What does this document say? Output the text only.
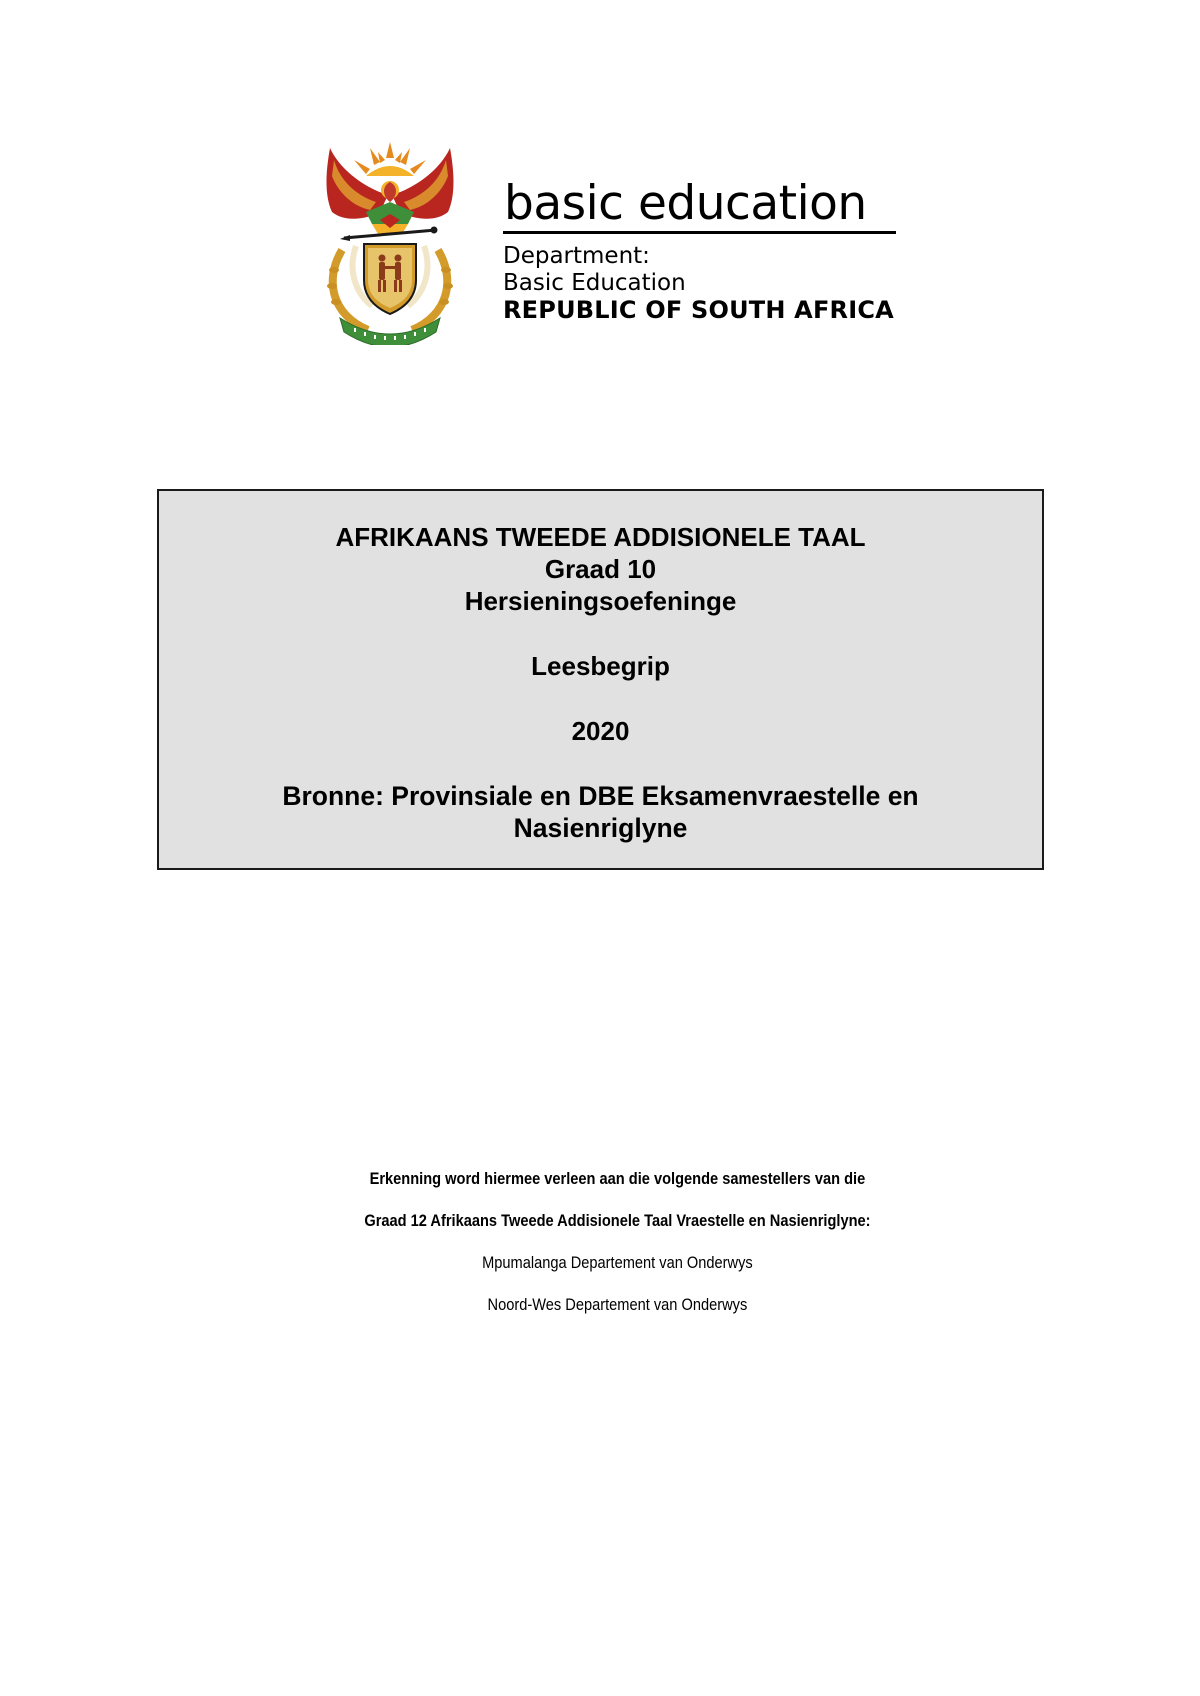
basic education
Department:
Basic Education
REPUBLIC OF SOUTH AFRICA
AFRIKAANS TWEEDE ADDISIONELE TAAL
Graad 10
Hersieningsoefeninge
Leesbegrip
2020
Bronne: Provinsiale en DBE Eksamenvraestelle en
Nasienriglyne
Erkenning word hiermee verleen aan die volgende samestellers van die
Graad 12 Afrikaans Tweede Addisionele Taal Vraestelle en Nasienriglyne:
Mpumalanga Departement van Onderwys
Noord-Wes Departement van Onderwys
